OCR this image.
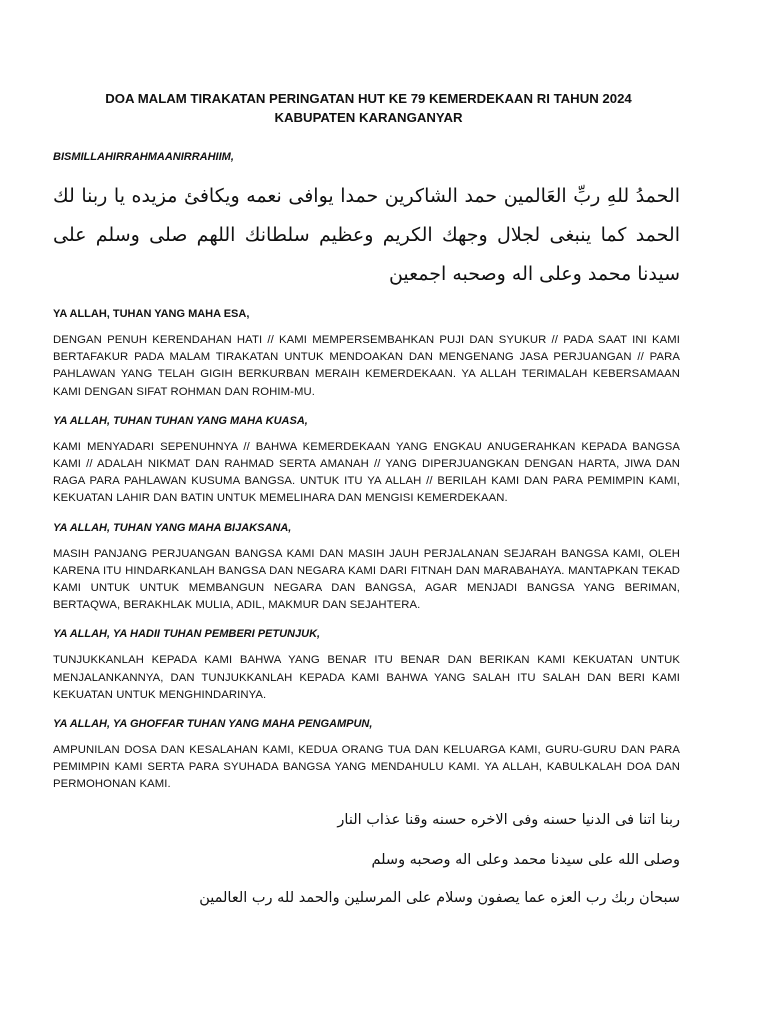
DOA MALAM TIRAKATAN PERINGATAN HUT KE 79 KEMERDEKAAN RI TAHUN 2024
KABUPATEN KARANGANYAR
BISMILLAHIRRAHMAANIRRAHIIM,
الحمدُ للهِ ربِّ العَالمين حمد الشاكرين حمدا يوافى نعمه ويكافئ مزيده يا ربنا لك الحمد كما ينبغى لجلال وجهك الكريم وعظيم سلطانك اللهم صلى وسلم على سيدنا محمد وعلى اله وصحبه اجمعين
YA ALLAH, TUHAN YANG MAHA ESA,

DENGAN PENUH KERENDAHAN HATI // KAMI MEMPERSEMBAHKAN PUJI DAN SYUKUR // PADA SAAT INI KAMI BERTAFAKUR PADA MALAM TIRAKATAN UNTUK MENDOAKAN DAN MENGENANG JASA PERJUANGAN // PARA PAHLAWAN YANG TELAH GIGIH BERKURBAN MERAIH KEMERDEKAAN. YA ALLAH TERIMALAH KEBERSAMAAN KAMI DENGAN SIFAT ROHMAN DAN ROHIM-MU.

YA ALLAH, TUHAN TUHAN YANG MAHA KUASA,

KAMI MENYADARI SEPENUHNYA // BAHWA KEMERDEKAAN YANG ENGKAU ANUGERAHKAN KEPADA BANGSA KAMI // ADALAH NIKMAT DAN RAHMAD SERTA AMANAH // YANG DIPERJUANGKAN DENGAN HARTA, JIWA DAN RAGA PARA PAHLAWAN KUSUMA BANGSA. UNTUK ITU YA ALLAH // BERILAH KAMI DAN PARA PEMIMPIN KAMI, KEKUATAN LAHIR DAN BATIN UNTUK MEMELIHARA DAN MENGISI KEMERDEKAAN.

YA ALLAH, TUHAN YANG MAHA BIJAKSANA,

MASIH PANJANG PERJUANGAN BANGSA KAMI DAN MASIH JAUH PERJALANAN SEJARAH BANGSA KAMI, OLEH KARENA ITU HINDARKANLAH BANGSA DAN NEGARA KAMI DARI FITNAH DAN MARABAHAYA. MANTAPKAN TEKAD KAMI UNTUK UNTUK MEMBANGUN NEGARA DAN BANGSA, AGAR MENJADI BANGSA YANG BERIMAN, BERTAQWA, BERAKHLAK MULIA, ADIL, MAKMUR DAN SEJAHTERA.

YA ALLAH, YA HADII TUHAN PEMBERI PETUNJUK,

TUNJUKKANLAH KEPADA KAMI BAHWA YANG BENAR ITU BENAR DAN BERIKAN KAMI KEKUATAN UNTUK MENJALANKANNYA, DAN TUNJUKKANLAH KEPADA KAMI BAHWA YANG SALAH ITU SALAH DAN BERI KAMI KEKUATAN UNTUK MENGHINDARINYA.

YA ALLAH, YA GHOFFAR TUHAN YANG MAHA PENGAMPUN,

AMPUNILAN DOSA DAN KESALAHAN KAMI, KEDUA ORANG TUA DAN KELUARGA KAMI, GURU-GURU DAN PARA PEMIMPIN KAMI SERTA PARA SYUHADA BANGSA YANG MENDAHULU KAMI. YA ALLAH, KABULKALAH DOA DAN PERMOHONAN KAMI.

ربنا اتنا فى الدنيا حسنه وفى الاخره حسنه وقنا عذاب النار
وصلى الله على سيدنا محمد وعلى اله وصحبه وسلم
سبحان ربك رب العزه عما يصفون وسلام على المرسلين والحمد لله رب العالمين
